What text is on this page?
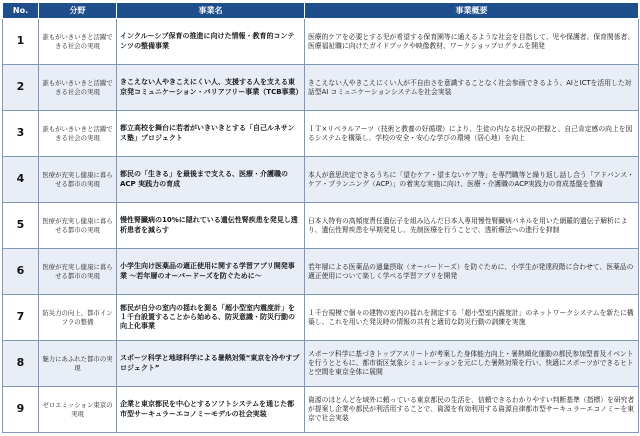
No.	分野	事業名	事業概要
1	誰もがいきいきと活躍できる社会の実現	インクルーシブ保育の推進に向けた情報・教育的コンテンツの整備事業	医療的ケアを必要とする児が希望する保育園等に通えるような社会を目指して、児や保護者、保育関係者、医療福祉職に向けたガイドブックや映像教材、ワークショップログラムを開発
2	誰もがいきいきと活躍できる社会の実現	きこえない人やきこえにくい人、支援する人を支える東京発コミュニケーション・バリアフリー事業（TCB事業）	きこえない人やきこえにくい人が不自由さを意識することなく社会参画できるよう、AIとICTを活用した対話型AI コミュニケーションシステムを社会実装
3	誰もがいきいきと活躍できる社会の実現	都立高校を舞台に若者がいきいきとする「自己ルネサンス塾」プロジェクト	ＩＴ×リベラルアーツ（技術と教養の好循環）により、生徒の内なる状況の把握と、自己肯定感の向上を図るシステムを構築し、学校の安全・安心な学びの環境（居心地）を向上
4	医療が充実し健康に暮らせる都市の実現	都民の「生きる」を最後まで支える、医療・介護職の ACP 実践力の育成	本人が意思決定できるうちに「望むケア・望まないケア等」を専門職等と繰り返し話し合う「アドバンス・ケア・プランニング（ACP）」の着実な実施に向け、医療・介護職のACP実践力の育成基盤を整備
5	医療が充実し健康に暮らせる都市の実現	慢性腎臓病の10%に隠れている遺伝性腎疾患を発見し透析患者を減らす	日本人特有の高頻度責任遺伝子を組み込んだ日本人専用慢性腎臓病パネルを用いた網羅的遺伝子解析により、遺伝性腎疾患を早期発見し、先制医療を行うことで、透析療法への進行を抑制
6	医療が充実し健康に暮らせる都市の実現	小学生向け医薬品の適正使用に関する学習アプリ開発事業 ～若年層のオーバードーズを防ぐために～	若年層による医薬品の過量摂取（オーバードーズ）を防ぐために、小学生が発達段階に合わせて、医薬品の適正使用について楽しく学べる学習アプリを開発
7	防災力の向上、都市インフラの整備	都民が自分の室内の揺れを測る「超小型室内震度計」を１千台設置することから始める、防災意識・防災行動の向上化事業	１千台規模で個々の建物の室内の揺れを測定する「超小型室内震度計」のネットワークシステムを新たに構築し、これを用いた発災時の情報の共有と適切な防災行動の訓練を実施
8	魅力にあふれた都市の実現	スポーツ科学と地球科学による暑熱対策“東京を冷やすプロジェクト”	スポーツ科学に基づきトップアスリートが考案した身体能力向上・暑熱順化運動の都民参加型普及イベントを行うとともに、都市街区気象シミュレーションを元にした暑熱対策を行い、快適にスポーツができるヒトと空間を東京全体に展開
9	ゼロエミッション東京の実現	企業と東京都民を中心とするソフトシステムを通じた都市型サーキュラーエコノミーモデルの社会実装	資源のほとんどを域外に頼っている東京都民の生活を、信頼できるわかりやすい判断基準（指標）を研究者が提案し企業や都民が利活用することで、資源を有効利用する資源自律都市型サーキュラーエコノミーを東京で社会実装
